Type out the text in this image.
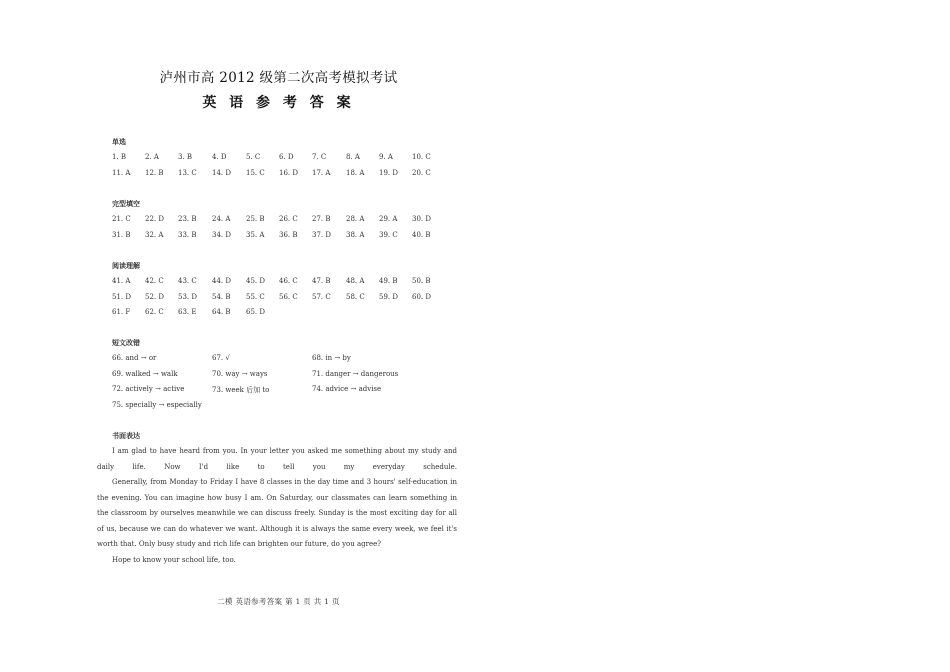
泸州市高 2012 级第二次高考模拟考试
英 语 参 考 答 案
单选
1. B	2. A	3. B	4. D	5. C	6. D	7. C	8. A	9. A	10. C
11. A 12. B 13. C 14. D 15. C 16. D 17. A 18. A 19. D 20. C
完型填空
21. C 22. D 23. B 24. A 25. B 26. C 27. B 28. A 29. A 30. D
31. B 32. A 33. B 34. D 35. A 36. B 37. D 38. A 39. C 40. B
阅读理解
41. A 42. C 43. C 44. D 45. D 46. C 47. B 48. A 49. B 50. B
51. D 52. D 53. D 54. B 55. C 56. C 57. C 58. C 59. D 60. D
61. F 62. C 63. E 64. B 65. D
短文改错
66. and → or	67. √	68. in → by
69. walked → walk	70. way → ways	71. danger → dangerous
72. actively → active	73. week 后加 to	74. advice → advise
75. specially → especially
书面表达

I am glad to have heard from you. In your letter you asked me something about my study and daily life. Now I'd like to tell you my everyday schedule.

Generally, from Monday to Friday I have 8 classes in the day time and 3 hours' self-education in the evening. You can imagine how busy I am. On Saturday, our classmates can learn something in the classroom by ourselves meanwhile we can discuss freely. Sunday is the most exciting day for all of us, because we can do whatever we want. Although it is always the same every week, we feel it's worth that. Only busy study and rich life can brighten our future, do you agree?

Hope to know your school life, too.

二模 英语参考答案 第 1 页 共 1 页
